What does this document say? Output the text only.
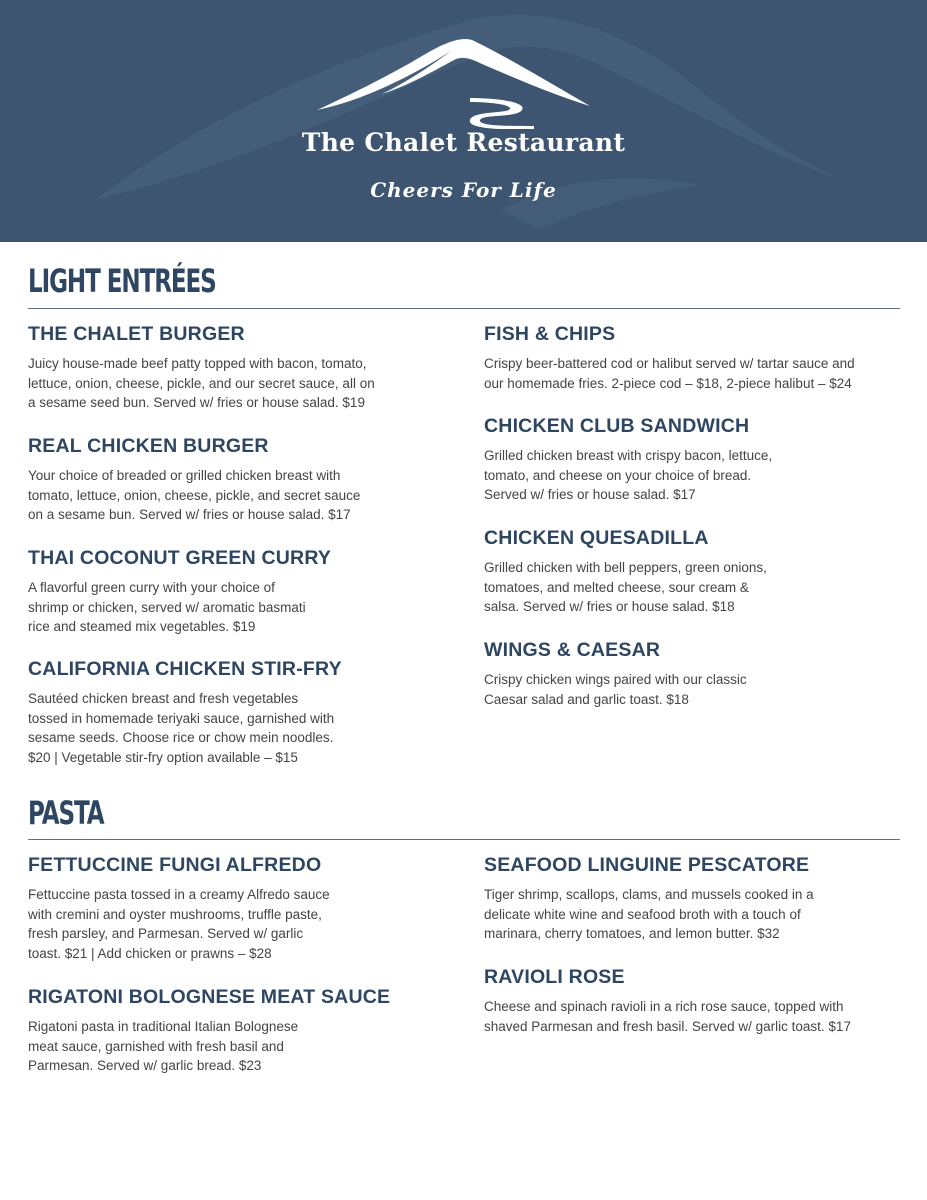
The Chalet Restaurant
Cheers For Life
LIGHT ENTRÉES
THE CHALET BURGER
Juicy house-made beef patty topped with bacon, tomato,
lettuce, onion, cheese, pickle, and our secret sauce, all on
a sesame seed bun. Served w/ fries or house salad. $19
REAL CHICKEN BURGER
Your choice of breaded or grilled chicken breast with
tomato, lettuce, onion, cheese, pickle, and secret sauce
on a sesame bun. Served w/ fries or house salad. $17
THAI COCONUT GREEN CURRY
A flavorful green curry with your choice of
shrimp or chicken, served w/ aromatic basmati
rice and steamed mix vegetables. $19
CALIFORNIA CHICKEN STIR-FRY
Sautéed chicken breast and fresh vegetables
tossed in homemade teriyaki sauce, garnished with
sesame seeds. Choose rice or chow mein noodles.
$20 | Vegetable stir-fry option available – $15
FISH & CHIPS
Crispy beer-battered cod or halibut served w/ tartar sauce and
our homemade fries. 2-piece cod – $18, 2-piece halibut – $24
CHICKEN CLUB SANDWICH
Grilled chicken breast with crispy bacon, lettuce,
tomato, and cheese on your choice of bread.
Served w/ fries or house salad. $17
CHICKEN QUESADILLA
Grilled chicken with bell peppers, green onions,
tomatoes, and melted cheese, sour cream &
salsa. Served w/ fries or house salad. $18
WINGS & CAESAR
Crispy chicken wings paired with our classic
Caesar salad and garlic toast. $18
PASTA
FETTUCCINE FUNGI ALFREDO
Fettuccine pasta tossed in a creamy Alfredo sauce
with cremini and oyster mushrooms, truffle paste,
fresh parsley, and Parmesan. Served w/ garlic
toast. $21 | Add chicken or prawns – $28
RIGATONI BOLOGNESE MEAT SAUCE
Rigatoni pasta in traditional Italian Bolognese
meat sauce, garnished with fresh basil and
Parmesan. Served w/ garlic bread. $23
SEAFOOD LINGUINE PESCATORE
Tiger shrimp, scallops, clams, and mussels cooked in a
delicate white wine and seafood broth with a touch of
marinara, cherry tomatoes, and lemon butter. $32
RAVIOLI ROSE
Cheese and spinach ravioli in a rich rose sauce, topped with
shaved Parmesan and fresh basil. Served w/ garlic toast. $17
